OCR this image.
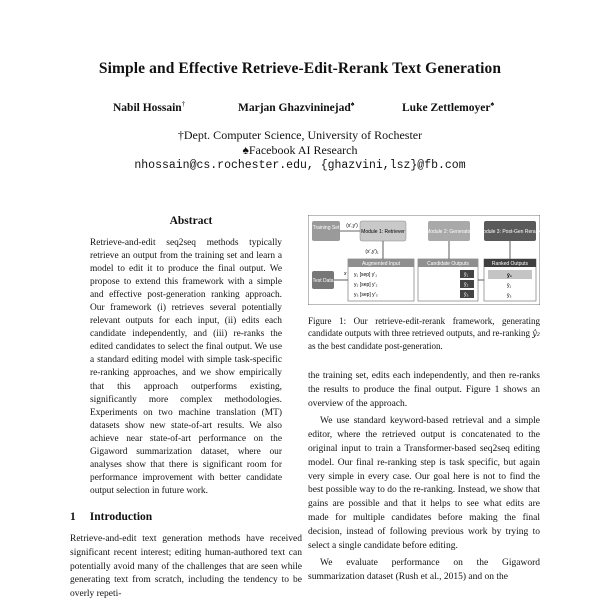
Simple and Effective Retrieve-Edit-Rerank Text Generation
Nabil Hossain†	Marjan Ghazvininejad♠	Luke Zettlemoyer♠
†Dept. Computer Science, University of Rochester
♠Facebook AI Research
nhossain@cs.rochester.edu, {ghazvini,lsz}@fb.com
Abstract
Retrieve-and-edit seq2seq methods typically retrieve an output from the training set and learn a model to edit it to produce the final output. We propose to extend this framework with a simple and effective post-generation ranking approach. Our framework (i) retrieves several potentially relevant outputs for each input, (ii) edits each candidate independently, and (iii) re-ranks the edited candidates to select the final output. We use a standard editing model with simple task-specific re-ranking approaches, and we show empirically that this approach outperforms existing, significantly more complex methodologies. Experiments on two machine translation (MT) datasets show new state-of-art results. We also achieve near state-of-art performance on the Gigaword summarization dataset, where our analyses show that there is significant room for performance improvement with better candidate output selection in future work.
1 Introduction

Retrieve-and-edit text generation methods have received significant recent interest; editing human-authored text can potentially avoid many of the challenges that are seen while generating text from scratch, including the tendency to be overly repeti-

Training Set
Test Data
(x′,y′)
Module 1: Retriever
(x′,y′)₁
x
Augmented Input
y₁ [sep] y′₁
y₂ [sep] y′₂
y₃ [sep] y′₃
Module 2: Generator
Candidate Outputs
ŷ₁
ŷ₂
ŷ₃
Module 3: Post-Gen Rerank
Ranked Outputs
ŷ₂
ŷ₁
ŷ₃
Figure 1: Our retrieve-edit-rerank framework, generating candidate outputs with three retrieved outputs, and re-ranking ŷ₂ as the best candidate post-generation.

the training set, edits each independently, and then re-ranks the results to produce the final output. Figure 1 shows an overview of the approach.

We use standard keyword-based retrieval and a simple editor, where the retrieved output is concatenated to the original input to train a Transformer-based seq2seq editing model. Our final re-ranking step is task specific, but again very simple in every case. Our goal here is not to find the best possible way to do the re-ranking. Instead, we show that gains are possible and that it helps to see what edits are made for multiple candidates before making the final decision, instead of following previous work by trying to select a single candidate before editing.

We evaluate performance on the Gigaword summarization dataset (Rush et al., 2015) and on the
